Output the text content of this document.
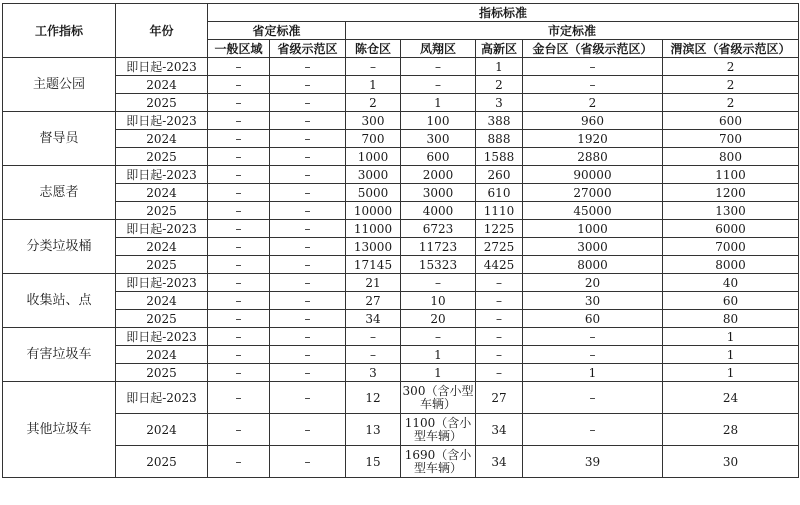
工作指标	年份	指标标准						
		省定标准		市定标准				
		一般区域	省级示范区	陈仓区	凤翔区	高新区	金台区（省级示范区）	渭滨区（省级示范区）
主题公园	即日起-2023	–	–	–	–	1	–	2
	2024	–	–	1	–	2	–	2
	2025	–	–	2	1	3	2	2
督导员	即日起-2023	–	–	300	100	388	960	600
	2024	–	–	700	300	888	1920	700
	2025	–	–	1000	600	1588	2880	800
志愿者	即日起-2023	–	–	3000	2000	260	90000	1100
	2024	–	–	5000	3000	610	27000	1200
	2025	–	–	10000	4000	1110	45000	1300
分类垃圾桶	即日起-2023	–	–	11000	6723	1225	1000	6000
	2024	–	–	13000	11723	2725	3000	7000
	2025	–	–	17145	15323	4425	8000	8000
收集站、点	即日起-2023	–	–	21	–	–	20	40
	2024	–	–	27	10	–	30	60
	2025	–	–	34	20	–	60	80
有害垃圾车	即日起-2023	–	–	–	–	–	–	1
	2024	–	–	–	1	–	–	1
	2025	–	–	3	1	–	1	1
其他垃圾车	即日起-2023	–	–	12	300（含小型车辆）	27	–	24
	2024	–	–	13	1100（含小型车辆）	34	–	28
	2025	–	–	15	1690（含小型车辆）	34	39	30
